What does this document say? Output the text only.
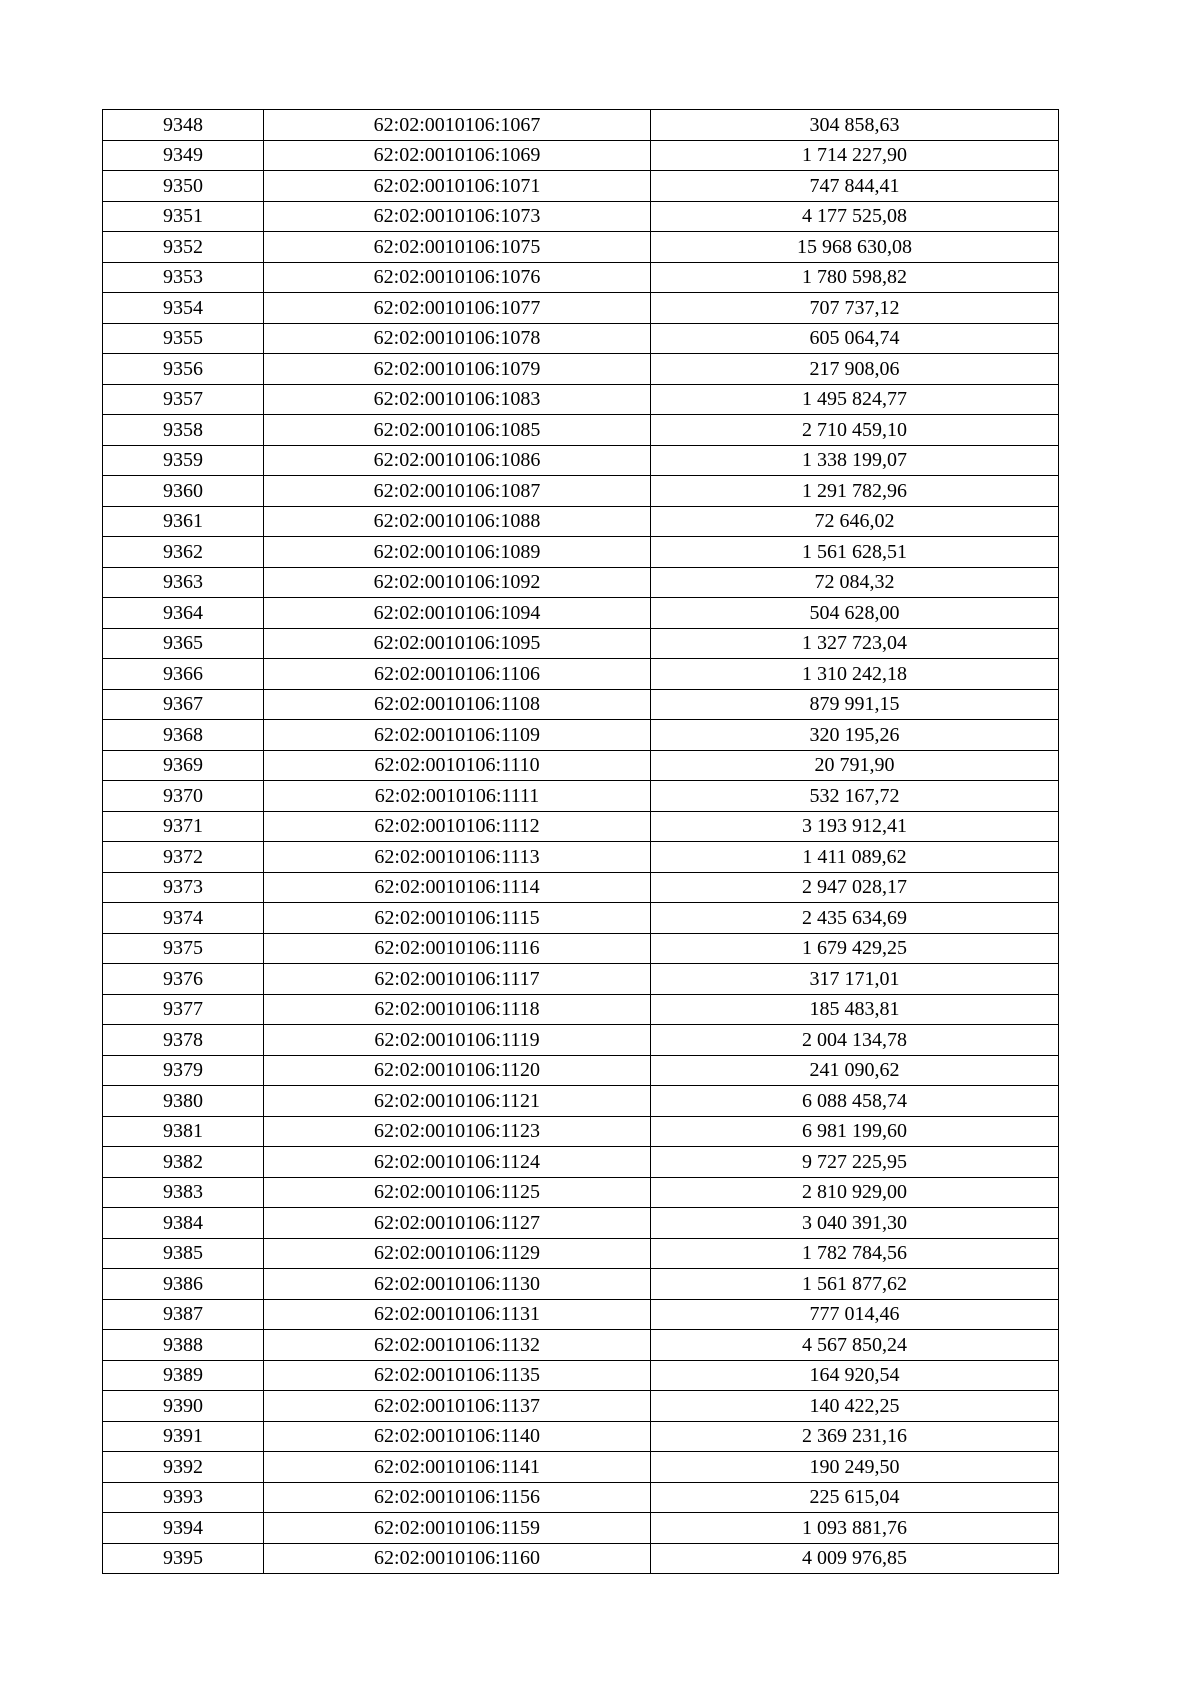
9348	62:02:0010106:1067	304 858,63
9349	62:02:0010106:1069	1 714 227,90
9350	62:02:0010106:1071	747 844,41
9351	62:02:0010106:1073	4 177 525,08
9352	62:02:0010106:1075	15 968 630,08
9353	62:02:0010106:1076	1 780 598,82
9354	62:02:0010106:1077	707 737,12
9355	62:02:0010106:1078	605 064,74
9356	62:02:0010106:1079	217 908,06
9357	62:02:0010106:1083	1 495 824,77
9358	62:02:0010106:1085	2 710 459,10
9359	62:02:0010106:1086	1 338 199,07
9360	62:02:0010106:1087	1 291 782,96
9361	62:02:0010106:1088	72 646,02
9362	62:02:0010106:1089	1 561 628,51
9363	62:02:0010106:1092	72 084,32
9364	62:02:0010106:1094	504 628,00
9365	62:02:0010106:1095	1 327 723,04
9366	62:02:0010106:1106	1 310 242,18
9367	62:02:0010106:1108	879 991,15
9368	62:02:0010106:1109	320 195,26
9369	62:02:0010106:1110	20 791,90
9370	62:02:0010106:1111	532 167,72
9371	62:02:0010106:1112	3 193 912,41
9372	62:02:0010106:1113	1 411 089,62
9373	62:02:0010106:1114	2 947 028,17
9374	62:02:0010106:1115	2 435 634,69
9375	62:02:0010106:1116	1 679 429,25
9376	62:02:0010106:1117	317 171,01
9377	62:02:0010106:1118	185 483,81
9378	62:02:0010106:1119	2 004 134,78
9379	62:02:0010106:1120	241 090,62
9380	62:02:0010106:1121	6 088 458,74
9381	62:02:0010106:1123	6 981 199,60
9382	62:02:0010106:1124	9 727 225,95
9383	62:02:0010106:1125	2 810 929,00
9384	62:02:0010106:1127	3 040 391,30
9385	62:02:0010106:1129	1 782 784,56
9386	62:02:0010106:1130	1 561 877,62
9387	62:02:0010106:1131	777 014,46
9388	62:02:0010106:1132	4 567 850,24
9389	62:02:0010106:1135	164 920,54
9390	62:02:0010106:1137	140 422,25
9391	62:02:0010106:1140	2 369 231,16
9392	62:02:0010106:1141	190 249,50
9393	62:02:0010106:1156	225 615,04
9394	62:02:0010106:1159	1 093 881,76
9395	62:02:0010106:1160	4 009 976,85
